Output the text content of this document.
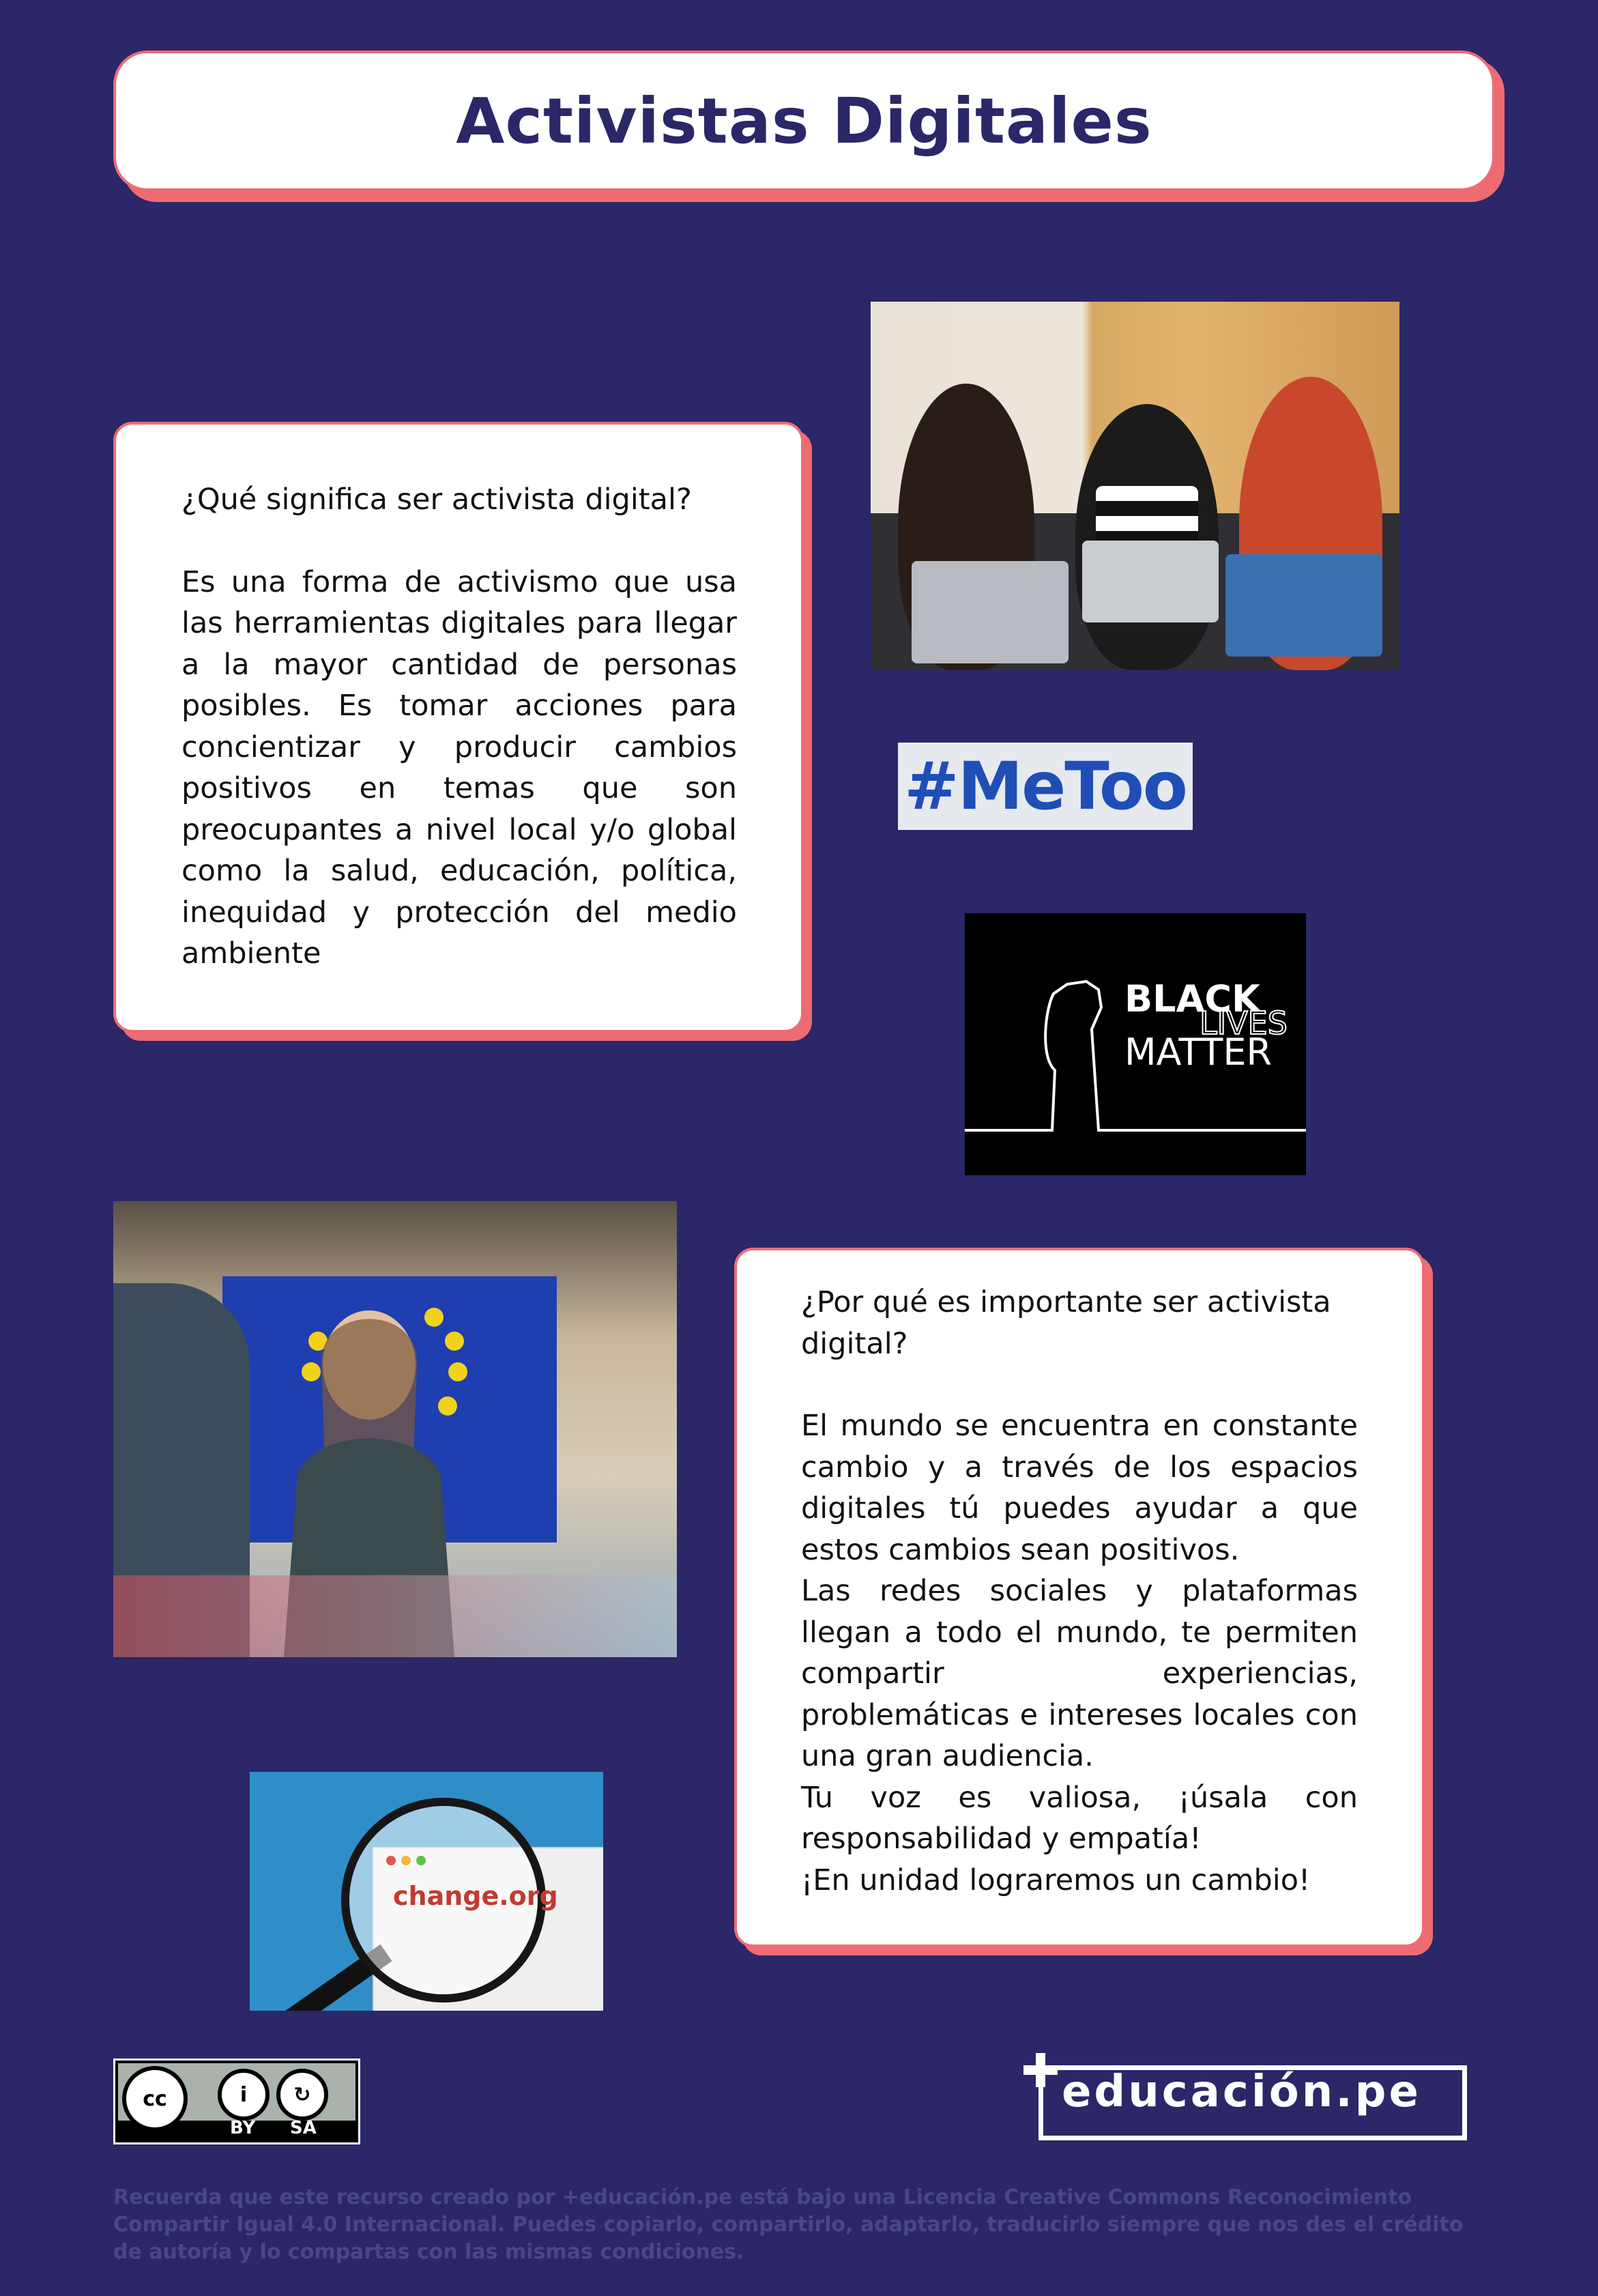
Activistas Digitales

¿Qué significa ser activista digital?

Es una forma de activismo que usa las herramientas digitales para llegar a la mayor cantidad de personas posibles. Es tomar acciones para concientizar y producir cambios positivos en temas que son preocupantes a nivel local y/o global como la salud, educación, política, inequidad y protección del medio ambiente

#MeToo
BLACK
LIVES
MATTER

¿Por qué es importante ser activista digital?

El mundo se encuentra en constante cambio y a través de los espacios digitales tú puedes ayudar a que estos cambios sean positivos.

Las redes sociales y plataformas llegan a todo el mundo, te permiten compartir experiencias, problemáticas e intereses locales con una gran audiencia.

Tu voz es valiosa, ¡úsala con responsabilidad y empatía!

¡En unidad lograremos un cambio!

change.org
cc	i	↻
BY SA
educación.pe
Recuerda que este recurso creado por +educación.pe está bajo una Licencia Creative Commons Reconocimiento Compartir Igual 4.0 Internacional. Puedes copiarlo, compartirlo, adaptarlo, traducirlo siempre que nos des el crédito de autoría y lo compartas con las mismas condiciones.
